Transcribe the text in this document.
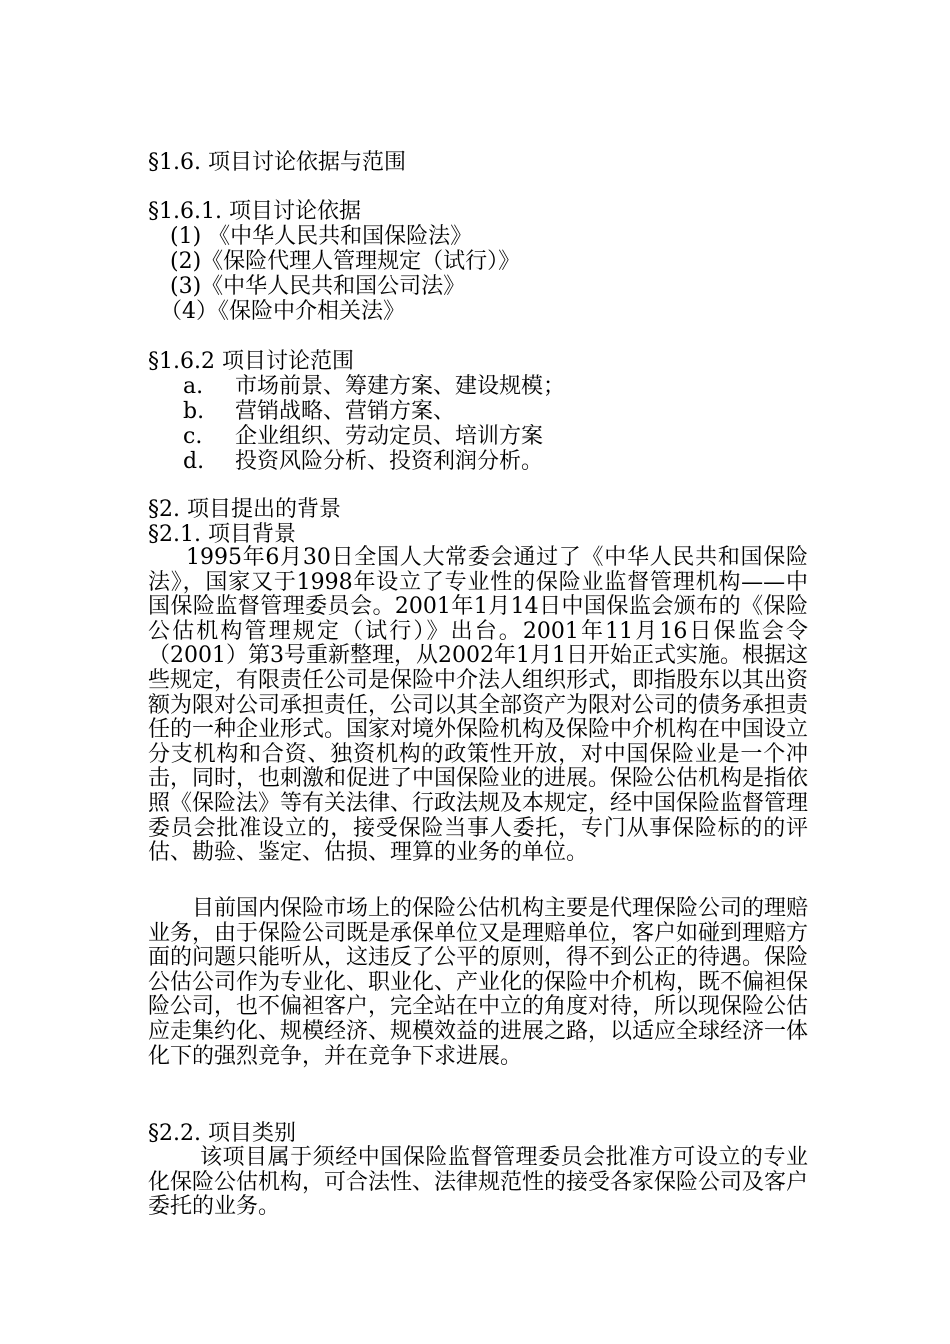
§1.6. 项目讨论依据与范围
§1.6.1. 项目讨论依据
(1) 《中华人民共和国保险法》
(2)《保险代理人管理规定（试行）》
(3)《中华人民共和国公司法》
（4）《保险中介相关法》
§1.6.2 项目讨论范围
a. 市场前景、筹建方案、建设规模；
b. 营销战略、营销方案、
c. 企业组织、劳动定员、培训方案
d. 投资风险分析、投资利润分析。
§2. 项目提出的背景
§2.1. 项目背景
1995年6月30日全国人大常委会通过了《中华人民共和国保险法》，国家又于1998年设立了专业性的保险业监督管理机构——中国保险监督管理委员会。2001年1月14日中国保监会颁布的《保险公估机构管理规定（试行）》出台。2001年11月16日保监会令（2001）第3号重新整理，从2002年1月1日开始正式实施。根据这些规定，有限责任公司是保险中介法人组织形式，即指股东以其出资额为限对公司承担责任，公司以其全部资产为限对公司的债务承担责任的一种企业形式。国家对境外保险机构及保险中介机构在中国设立分支机构和合资、独资机构的政策性开放，对中国保险业是一个冲击，同时，也刺激和促进了中国保险业的进展。保险公估机构是指依照《保险法》等有关法律、行政法规及本规定，经中国保险监督管理委员会批准设立的，接受保险当事人委托，专门从事保险标的的评估、勘验、鉴定、估损、理算的业务的单位。
目前国内保险市场上的保险公估机构主要是代理保险公司的理赔业务，由于保险公司既是承保单位又是理赔单位，客户如碰到理赔方面的问题只能听从，这违反了公平的原则，得不到公正的待遇。保险公估公司作为专业化、职业化、产业化的保险中介机构，既不偏袒保险公司，也不偏袒客户，完全站在中立的角度对待，所以现保险公估应走集约化、规模经济、规模效益的进展之路，以适应全球经济一体化下的强烈竞争，并在竞争下求进展。
§2.2. 项目类别
该项目属于须经中国保险监督管理委员会批准方可设立的专业化保险公估机构，可合法性、法律规范性的接受各家保险公司及客户委托的业务。
